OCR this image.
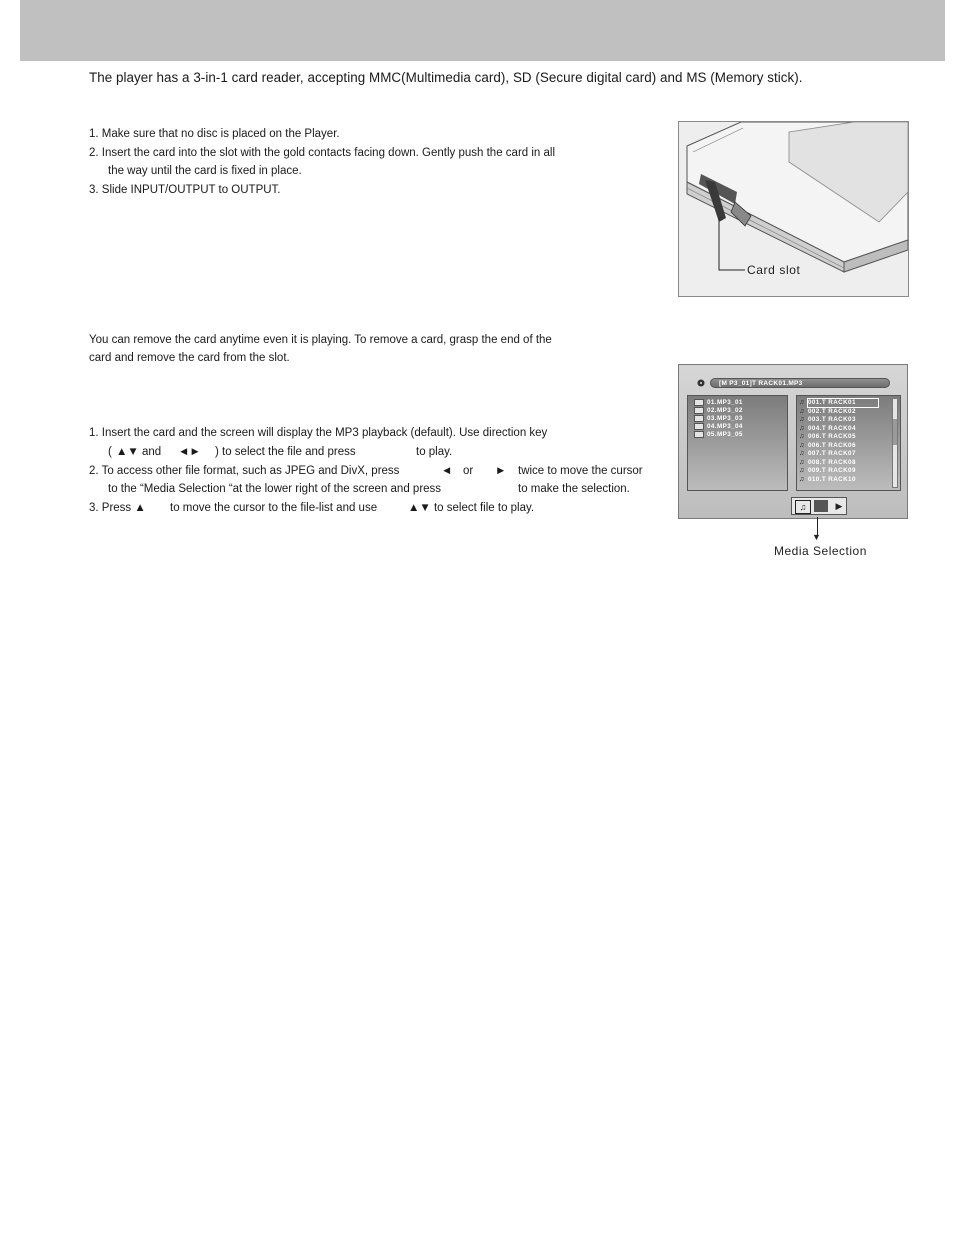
The player has a 3-in-1 card reader, accepting MMC(Multimedia card), SD (Secure digital card) and MS (Memory stick).
1. Make sure that no disc is placed on the Player.
2. Insert the card into the slot with the gold contacts facing down. Gently push the card in all
the way until the card is fixed in place.
3. Slide INPUT/OUTPUT to OUTPUT.
Card slot
You can remove the card anytime even it is playing. To remove a card, grasp the end of the
card and remove the card from the slot.
1. Insert the card and the screen will display the MP3 playback (default). Use direction key
( ▲▼ and ◄► ) to select the file and press	to play.
2. To access other file format, such as JPEG and DivX, press	◄ or ► twice to move the cursor
to the “Media Selection “at the lower right of the screen and press	to make the selection.
3. Press ▲ to move the cursor to the file-list and use	▲▼ to select file to play.
[M P3_01]T RACK01.MP3
01.MP3_01
02.MP3_02
03.MP3_03
04.MP3_04
05.MP3_05
♫ 001.T RACK01
♫ 002.T RACK02
♫ 003.T RACK03
♫ 004.T RACK04
♫ 006.T RACK05
♫ 006.T RACK06
♫ 007.T RACK07
♫ 008.T RACK08
♫ 009.T RACK09
♫ 010.T RACK10
♫	▶
▼
Media Selection
